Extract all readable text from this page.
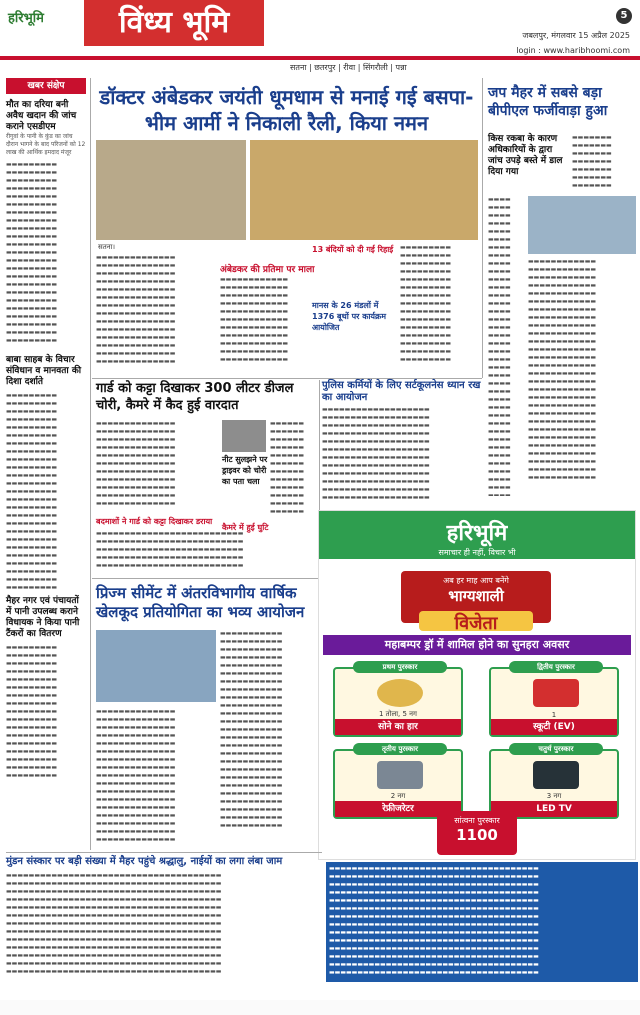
हरिभूमि	विंध्य भूमि	5
जबलपुर, मंगलवार 15 अप्रैल 2025
login : www.haribhoomi.com
सतना | छतरपुर | रीवा | सिंगरौली | पन्ना
खबर संक्षेप
मौत का दरिया बनी अवैध खदान की जांच कराने एसडीएम
रीगुवां के पानी के कुंड का जांच दौरान भागने के बाद परिजनों को 12 लाख की आर्थिक इमदाद मंजूर
▬▬▬▬▬▬▬▬▬ ▬▬▬▬▬▬▬▬▬ ▬▬▬▬▬▬▬▬▬ ▬▬▬▬▬▬▬▬▬ ▬▬▬▬▬▬▬▬▬ ▬▬▬▬▬▬▬▬▬ ▬▬▬▬▬▬▬▬▬ ▬▬▬▬▬▬▬▬▬ ▬▬▬▬▬▬▬▬▬ ▬▬▬▬▬▬▬▬▬ ▬▬▬▬▬▬▬▬▬ ▬▬▬▬▬▬▬▬▬ ▬▬▬▬▬▬▬▬▬ ▬▬▬▬▬▬▬▬▬ ▬▬▬▬▬▬▬▬▬ ▬▬▬▬▬▬▬▬▬ ▬▬▬▬▬▬▬▬▬ ▬▬▬▬▬▬▬▬▬ ▬▬▬▬▬▬▬▬▬ ▬▬▬▬▬▬▬▬▬ ▬▬▬▬▬▬▬▬▬ ▬▬▬▬▬▬▬▬▬ ▬▬▬▬▬▬▬▬▬
बाबा साहब के विचार संविधान व मानवता की दिशा दर्शाते
▬▬▬▬▬▬▬▬▬ ▬▬▬▬▬▬▬▬▬ ▬▬▬▬▬▬▬▬▬ ▬▬▬▬▬▬▬▬▬ ▬▬▬▬▬▬▬▬▬ ▬▬▬▬▬▬▬▬▬ ▬▬▬▬▬▬▬▬▬ ▬▬▬▬▬▬▬▬▬ ▬▬▬▬▬▬▬▬▬ ▬▬▬▬▬▬▬▬▬ ▬▬▬▬▬▬▬▬▬ ▬▬▬▬▬▬▬▬▬ ▬▬▬▬▬▬▬▬▬ ▬▬▬▬▬▬▬▬▬ ▬▬▬▬▬▬▬▬▬ ▬▬▬▬▬▬▬▬▬ ▬▬▬▬▬▬▬▬▬ ▬▬▬▬▬▬▬▬▬ ▬▬▬▬▬▬▬▬▬ ▬▬▬▬▬▬▬▬▬ ▬▬▬▬▬▬▬▬▬ ▬▬▬▬▬▬▬▬▬ ▬▬▬▬▬▬▬▬▬ ▬▬▬▬▬▬▬▬▬ ▬▬▬▬▬▬▬▬▬
मैहर नगर एवं पंचायतों में पानी उपलब्ध कराने विधायक ने किया पानी टैंकरों का वितरण
▬▬▬▬▬▬▬▬▬ ▬▬▬▬▬▬▬▬▬ ▬▬▬▬▬▬▬▬▬ ▬▬▬▬▬▬▬▬▬ ▬▬▬▬▬▬▬▬▬ ▬▬▬▬▬▬▬▬▬ ▬▬▬▬▬▬▬▬▬ ▬▬▬▬▬▬▬▬▬ ▬▬▬▬▬▬▬▬▬ ▬▬▬▬▬▬▬▬▬ ▬▬▬▬▬▬▬▬▬ ▬▬▬▬▬▬▬▬▬ ▬▬▬▬▬▬▬▬▬ ▬▬▬▬▬▬▬▬▬ ▬▬▬▬▬▬▬▬▬ ▬▬▬▬▬▬▬▬▬ ▬▬▬▬▬▬▬▬▬
डॉक्टर अंबेडकर जयंती धूमधाम से मनाई गई बसपा-भीम आर्मी ने निकाली रैली, किया नमन
सतना।
▬▬▬▬▬▬▬▬▬▬▬▬▬▬ ▬▬▬▬▬▬▬▬▬▬▬▬▬▬ ▬▬▬▬▬▬▬▬▬▬▬▬▬▬ ▬▬▬▬▬▬▬▬▬▬▬▬▬▬ ▬▬▬▬▬▬▬▬▬▬▬▬▬▬ ▬▬▬▬▬▬▬▬▬▬▬▬▬▬ ▬▬▬▬▬▬▬▬▬▬▬▬▬▬ ▬▬▬▬▬▬▬▬▬▬▬▬▬▬ ▬▬▬▬▬▬▬▬▬▬▬▬▬▬ ▬▬▬▬▬▬▬▬▬▬▬▬▬▬ ▬▬▬▬▬▬▬▬▬▬▬▬▬▬ ▬▬▬▬▬▬▬▬▬▬▬▬▬▬ ▬▬▬▬▬▬▬▬▬▬▬▬▬▬ ▬▬▬▬▬▬▬▬▬▬▬▬▬▬
अंबेडकर की प्रतिमा पर माला
▬▬▬▬▬▬▬▬▬▬▬▬ ▬▬▬▬▬▬▬▬▬▬▬▬ ▬▬▬▬▬▬▬▬▬▬▬▬ ▬▬▬▬▬▬▬▬▬▬▬▬ ▬▬▬▬▬▬▬▬▬▬▬▬ ▬▬▬▬▬▬▬▬▬▬▬▬ ▬▬▬▬▬▬▬▬▬▬▬▬ ▬▬▬▬▬▬▬▬▬▬▬▬ ▬▬▬▬▬▬▬▬▬▬▬▬ ▬▬▬▬▬▬▬▬▬▬▬▬ ▬▬▬▬▬▬▬▬▬▬▬▬
13 बंदियों को दी गई रिहाई
मानस के 26 मंडलों में 1376 बूथों पर कार्यक्रम आयोजित
▬▬▬▬▬▬▬▬▬ ▬▬▬▬▬▬▬▬▬ ▬▬▬▬▬▬▬▬▬ ▬▬▬▬▬▬▬▬▬ ▬▬▬▬▬▬▬▬▬ ▬▬▬▬▬▬▬▬▬ ▬▬▬▬▬▬▬▬▬ ▬▬▬▬▬▬▬▬▬ ▬▬▬▬▬▬▬▬▬ ▬▬▬▬▬▬▬▬▬ ▬▬▬▬▬▬▬▬▬ ▬▬▬▬▬▬▬▬▬ ▬▬▬▬▬▬▬▬▬ ▬▬▬▬▬▬▬▬▬ ▬▬▬▬▬▬▬▬▬
जप मैहर में सबसे बड़ा बीपीएल फर्जीवाड़ा हुआ
किस रकबा के कारण अधिकारियों के द्वारा जांच उपड़े बस्ते में डाल दिया गया
▬▬▬▬▬▬▬ ▬▬▬▬▬▬▬ ▬▬▬▬▬▬▬ ▬▬▬▬▬▬▬ ▬▬▬▬▬▬▬ ▬▬▬▬▬▬▬ ▬▬▬▬▬▬▬
▬▬▬▬ ▬▬▬▬ ▬▬▬▬ ▬▬▬▬ ▬▬▬▬ ▬▬▬▬ ▬▬▬▬ ▬▬▬▬ ▬▬▬▬ ▬▬▬▬ ▬▬▬▬ ▬▬▬▬ ▬▬▬▬ ▬▬▬▬ ▬▬▬▬ ▬▬▬▬ ▬▬▬▬ ▬▬▬▬ ▬▬▬▬ ▬▬▬▬ ▬▬▬▬ ▬▬▬▬ ▬▬▬▬ ▬▬▬▬ ▬▬▬▬ ▬▬▬▬ ▬▬▬▬ ▬▬▬▬ ▬▬▬▬ ▬▬▬▬ ▬▬▬▬ ▬▬▬▬ ▬▬▬▬ ▬▬▬▬ ▬▬▬▬ ▬▬▬▬ ▬▬▬▬ ▬▬▬▬
▬▬▬▬▬▬▬▬▬▬▬▬ ▬▬▬▬▬▬▬▬▬▬▬▬ ▬▬▬▬▬▬▬▬▬▬▬▬ ▬▬▬▬▬▬▬▬▬▬▬▬ ▬▬▬▬▬▬▬▬▬▬▬▬ ▬▬▬▬▬▬▬▬▬▬▬▬ ▬▬▬▬▬▬▬▬▬▬▬▬ ▬▬▬▬▬▬▬▬▬▬▬▬ ▬▬▬▬▬▬▬▬▬▬▬▬ ▬▬▬▬▬▬▬▬▬▬▬▬ ▬▬▬▬▬▬▬▬▬▬▬▬ ▬▬▬▬▬▬▬▬▬▬▬▬ ▬▬▬▬▬▬▬▬▬▬▬▬ ▬▬▬▬▬▬▬▬▬▬▬▬ ▬▬▬▬▬▬▬▬▬▬▬▬ ▬▬▬▬▬▬▬▬▬▬▬▬ ▬▬▬▬▬▬▬▬▬▬▬▬ ▬▬▬▬▬▬▬▬▬▬▬▬ ▬▬▬▬▬▬▬▬▬▬▬▬ ▬▬▬▬▬▬▬▬▬▬▬▬ ▬▬▬▬▬▬▬▬▬▬▬▬ ▬▬▬▬▬▬▬▬▬▬▬▬ ▬▬▬▬▬▬▬▬▬▬▬▬ ▬▬▬▬▬▬▬▬▬▬▬▬ ▬▬▬▬▬▬▬▬▬▬▬▬ ▬▬▬▬▬▬▬▬▬▬▬▬ ▬▬▬▬▬▬▬▬▬▬▬▬ ▬▬▬▬▬▬▬▬▬▬▬▬
गार्ड को कट्टा दिखाकर 300 लीटर डीजल चोरी, कैमरे में कैद हुई वारदात
▬▬▬▬▬▬▬▬▬▬▬▬▬▬ ▬▬▬▬▬▬▬▬▬▬▬▬▬▬ ▬▬▬▬▬▬▬▬▬▬▬▬▬▬ ▬▬▬▬▬▬▬▬▬▬▬▬▬▬ ▬▬▬▬▬▬▬▬▬▬▬▬▬▬ ▬▬▬▬▬▬▬▬▬▬▬▬▬▬ ▬▬▬▬▬▬▬▬▬▬▬▬▬▬ ▬▬▬▬▬▬▬▬▬▬▬▬▬▬ ▬▬▬▬▬▬▬▬▬▬▬▬▬▬ ▬▬▬▬▬▬▬▬▬▬▬▬▬▬ ▬▬▬▬▬▬▬▬▬▬▬▬▬▬
नीट सुलझने पर ड्राइवर को चोरी का पता चला
▬▬▬▬▬▬ ▬▬▬▬▬▬ ▬▬▬▬▬▬ ▬▬▬▬▬▬ ▬▬▬▬▬▬ ▬▬▬▬▬▬ ▬▬▬▬▬▬ ▬▬▬▬▬▬ ▬▬▬▬▬▬ ▬▬▬▬▬▬ ▬▬▬▬▬▬ ▬▬▬▬▬▬
बदमाशों ने गार्ड को कट्टा दिखाकर डराया
कैमरे में हुई घुटि
▬▬▬▬▬▬▬▬▬▬▬▬▬▬▬▬▬▬▬▬▬▬▬▬▬▬ ▬▬▬▬▬▬▬▬▬▬▬▬▬▬▬▬▬▬▬▬▬▬▬▬▬▬ ▬▬▬▬▬▬▬▬▬▬▬▬▬▬▬▬▬▬▬▬▬▬▬▬▬▬ ▬▬▬▬▬▬▬▬▬▬▬▬▬▬▬▬▬▬▬▬▬▬▬▬▬▬ ▬▬▬▬▬▬▬▬▬▬▬▬▬▬▬▬▬▬▬▬▬▬▬▬▬▬
पुलिस कर्मियों के लिए सर्टकूलनेस ध्यान रख का आयोजन
▬▬▬▬▬▬▬▬▬▬▬▬▬▬▬▬▬▬▬ ▬▬▬▬▬▬▬▬▬▬▬▬▬▬▬▬▬▬▬ ▬▬▬▬▬▬▬▬▬▬▬▬▬▬▬▬▬▬▬ ▬▬▬▬▬▬▬▬▬▬▬▬▬▬▬▬▬▬▬ ▬▬▬▬▬▬▬▬▬▬▬▬▬▬▬▬▬▬▬ ▬▬▬▬▬▬▬▬▬▬▬▬▬▬▬▬▬▬▬ ▬▬▬▬▬▬▬▬▬▬▬▬▬▬▬▬▬▬▬ ▬▬▬▬▬▬▬▬▬▬▬▬▬▬▬▬▬▬▬ ▬▬▬▬▬▬▬▬▬▬▬▬▬▬▬▬▬▬▬ ▬▬▬▬▬▬▬▬▬▬▬▬▬▬▬▬▬▬▬ ▬▬▬▬▬▬▬▬▬▬▬▬▬▬▬▬▬▬▬ ▬▬▬▬▬▬▬▬▬▬▬▬▬▬▬▬▬▬▬
प्रिज्म सीमेंट में अंतरविभागीय वार्षिक खेलकूद प्रतियोगिता का भव्य आयोजन
▬▬▬▬▬▬▬▬▬▬▬ ▬▬▬▬▬▬▬▬▬▬▬ ▬▬▬▬▬▬▬▬▬▬▬ ▬▬▬▬▬▬▬▬▬▬▬ ▬▬▬▬▬▬▬▬▬▬▬ ▬▬▬▬▬▬▬▬▬▬▬ ▬▬▬▬▬▬▬▬▬▬▬ ▬▬▬▬▬▬▬▬▬▬▬ ▬▬▬▬▬▬▬▬▬▬▬ ▬▬▬▬▬▬▬▬▬▬▬ ▬▬▬▬▬▬▬▬▬▬▬ ▬▬▬▬▬▬▬▬▬▬▬ ▬▬▬▬▬▬▬▬▬▬▬ ▬▬▬▬▬▬▬▬▬▬▬ ▬▬▬▬▬▬▬▬▬▬▬ ▬▬▬▬▬▬▬▬▬▬▬ ▬▬▬▬▬▬▬▬▬▬▬ ▬▬▬▬▬▬▬▬▬▬▬ ▬▬▬▬▬▬▬▬▬▬▬ ▬▬▬▬▬▬▬▬▬▬▬ ▬▬▬▬▬▬▬▬▬▬▬ ▬▬▬▬▬▬▬▬▬▬▬ ▬▬▬▬▬▬▬▬▬▬▬ ▬▬▬▬▬▬▬▬▬▬▬ ▬▬▬▬▬▬▬▬▬▬▬
▬▬▬▬▬▬▬▬▬▬▬▬▬▬ ▬▬▬▬▬▬▬▬▬▬▬▬▬▬ ▬▬▬▬▬▬▬▬▬▬▬▬▬▬ ▬▬▬▬▬▬▬▬▬▬▬▬▬▬ ▬▬▬▬▬▬▬▬▬▬▬▬▬▬ ▬▬▬▬▬▬▬▬▬▬▬▬▬▬ ▬▬▬▬▬▬▬▬▬▬▬▬▬▬ ▬▬▬▬▬▬▬▬▬▬▬▬▬▬ ▬▬▬▬▬▬▬▬▬▬▬▬▬▬ ▬▬▬▬▬▬▬▬▬▬▬▬▬▬ ▬▬▬▬▬▬▬▬▬▬▬▬▬▬ ▬▬▬▬▬▬▬▬▬▬▬▬▬▬ ▬▬▬▬▬▬▬▬▬▬▬▬▬▬ ▬▬▬▬▬▬▬▬▬▬▬▬▬▬ ▬▬▬▬▬▬▬▬▬▬▬▬▬▬ ▬▬▬▬▬▬▬▬▬▬▬▬▬▬ ▬▬▬▬▬▬▬▬▬▬▬▬▬▬
हरिभूमि
समाचार ही नहीं, विचार भी
अब हर माह आप बनेंगे
भाग्यशाली
विजेता
महाबम्पर ड्रॉ में शामिल होने का सुनहरा अवसर
प्रथम पुरस्कार
1 तोला, 5 नग
सोने का हार
द्वितीय पुरस्कार
1
स्कूटी (EV)
तृतीय पुरस्कार
2 नग
रेफ्रीजरेटर
चतुर्थ पुरस्कार
3 नग
LED TV
सांत्वना पुरस्कार
1100
मुंडन संस्कार पर बड़ी संख्या में मैहर पहुंचे श्रद्धालु, नाईयों का लगा लंबा जाम
▬▬▬▬▬▬▬▬▬▬▬▬▬▬▬▬▬▬▬▬▬▬▬▬▬▬▬▬▬▬▬▬▬▬▬▬▬▬ ▬▬▬▬▬▬▬▬▬▬▬▬▬▬▬▬▬▬▬▬▬▬▬▬▬▬▬▬▬▬▬▬▬▬▬▬▬▬ ▬▬▬▬▬▬▬▬▬▬▬▬▬▬▬▬▬▬▬▬▬▬▬▬▬▬▬▬▬▬▬▬▬▬▬▬▬▬ ▬▬▬▬▬▬▬▬▬▬▬▬▬▬▬▬▬▬▬▬▬▬▬▬▬▬▬▬▬▬▬▬▬▬▬▬▬▬ ▬▬▬▬▬▬▬▬▬▬▬▬▬▬▬▬▬▬▬▬▬▬▬▬▬▬▬▬▬▬▬▬▬▬▬▬▬▬ ▬▬▬▬▬▬▬▬▬▬▬▬▬▬▬▬▬▬▬▬▬▬▬▬▬▬▬▬▬▬▬▬▬▬▬▬▬▬ ▬▬▬▬▬▬▬▬▬▬▬▬▬▬▬▬▬▬▬▬▬▬▬▬▬▬▬▬▬▬▬▬▬▬▬▬▬▬ ▬▬▬▬▬▬▬▬▬▬▬▬▬▬▬▬▬▬▬▬▬▬▬▬▬▬▬▬▬▬▬▬▬▬▬▬▬▬ ▬▬▬▬▬▬▬▬▬▬▬▬▬▬▬▬▬▬▬▬▬▬▬▬▬▬▬▬▬▬▬▬▬▬▬▬▬▬ ▬▬▬▬▬▬▬▬▬▬▬▬▬▬▬▬▬▬▬▬▬▬▬▬▬▬▬▬▬▬▬▬▬▬▬▬▬▬ ▬▬▬▬▬▬▬▬▬▬▬▬▬▬▬▬▬▬▬▬▬▬▬▬▬▬▬▬▬▬▬▬▬▬▬▬▬▬ ▬▬▬▬▬▬▬▬▬▬▬▬▬▬▬▬▬▬▬▬▬▬▬▬▬▬▬▬▬▬▬▬▬▬▬▬▬▬ ▬▬▬▬▬▬▬▬▬▬▬▬▬▬▬▬▬▬▬▬▬▬▬▬▬▬▬▬▬▬▬▬▬▬▬▬▬▬
▬▬▬▬▬▬▬▬▬▬▬▬▬▬▬▬▬▬▬▬▬▬▬▬▬▬▬▬▬▬▬▬▬▬▬▬▬ ▬▬▬▬▬▬▬▬▬▬▬▬▬▬▬▬▬▬▬▬▬▬▬▬▬▬▬▬▬▬▬▬▬▬▬▬▬ ▬▬▬▬▬▬▬▬▬▬▬▬▬▬▬▬▬▬▬▬▬▬▬▬▬▬▬▬▬▬▬▬▬▬▬▬▬ ▬▬▬▬▬▬▬▬▬▬▬▬▬▬▬▬▬▬▬▬▬▬▬▬▬▬▬▬▬▬▬▬▬▬▬▬▬ ▬▬▬▬▬▬▬▬▬▬▬▬▬▬▬▬▬▬▬▬▬▬▬▬▬▬▬▬▬▬▬▬▬▬▬▬▬ ▬▬▬▬▬▬▬▬▬▬▬▬▬▬▬▬▬▬▬▬▬▬▬▬▬▬▬▬▬▬▬▬▬▬▬▬▬ ▬▬▬▬▬▬▬▬▬▬▬▬▬▬▬▬▬▬▬▬▬▬▬▬▬▬▬▬▬▬▬▬▬▬▬▬▬ ▬▬▬▬▬▬▬▬▬▬▬▬▬▬▬▬▬▬▬▬▬▬▬▬▬▬▬▬▬▬▬▬▬▬▬▬▬ ▬▬▬▬▬▬▬▬▬▬▬▬▬▬▬▬▬▬▬▬▬▬▬▬▬▬▬▬▬▬▬▬▬▬▬▬▬ ▬▬▬▬▬▬▬▬▬▬▬▬▬▬▬▬▬▬▬▬▬▬▬▬▬▬▬▬▬▬▬▬▬▬▬▬▬ ▬▬▬▬▬▬▬▬▬▬▬▬▬▬▬▬▬▬▬▬▬▬▬▬▬▬▬▬▬▬▬▬▬▬▬▬▬ ▬▬▬▬▬▬▬▬▬▬▬▬▬▬▬▬▬▬▬▬▬▬▬▬▬▬▬▬▬▬▬▬▬▬▬▬▬ ▬▬▬▬▬▬▬▬▬▬▬▬▬▬▬▬▬▬▬▬▬▬▬▬▬▬▬▬▬▬▬▬▬▬▬▬▬ ▬▬▬▬▬▬▬▬▬▬▬▬▬▬▬▬▬▬▬▬▬▬▬▬▬▬▬▬▬▬▬▬▬▬▬▬▬
